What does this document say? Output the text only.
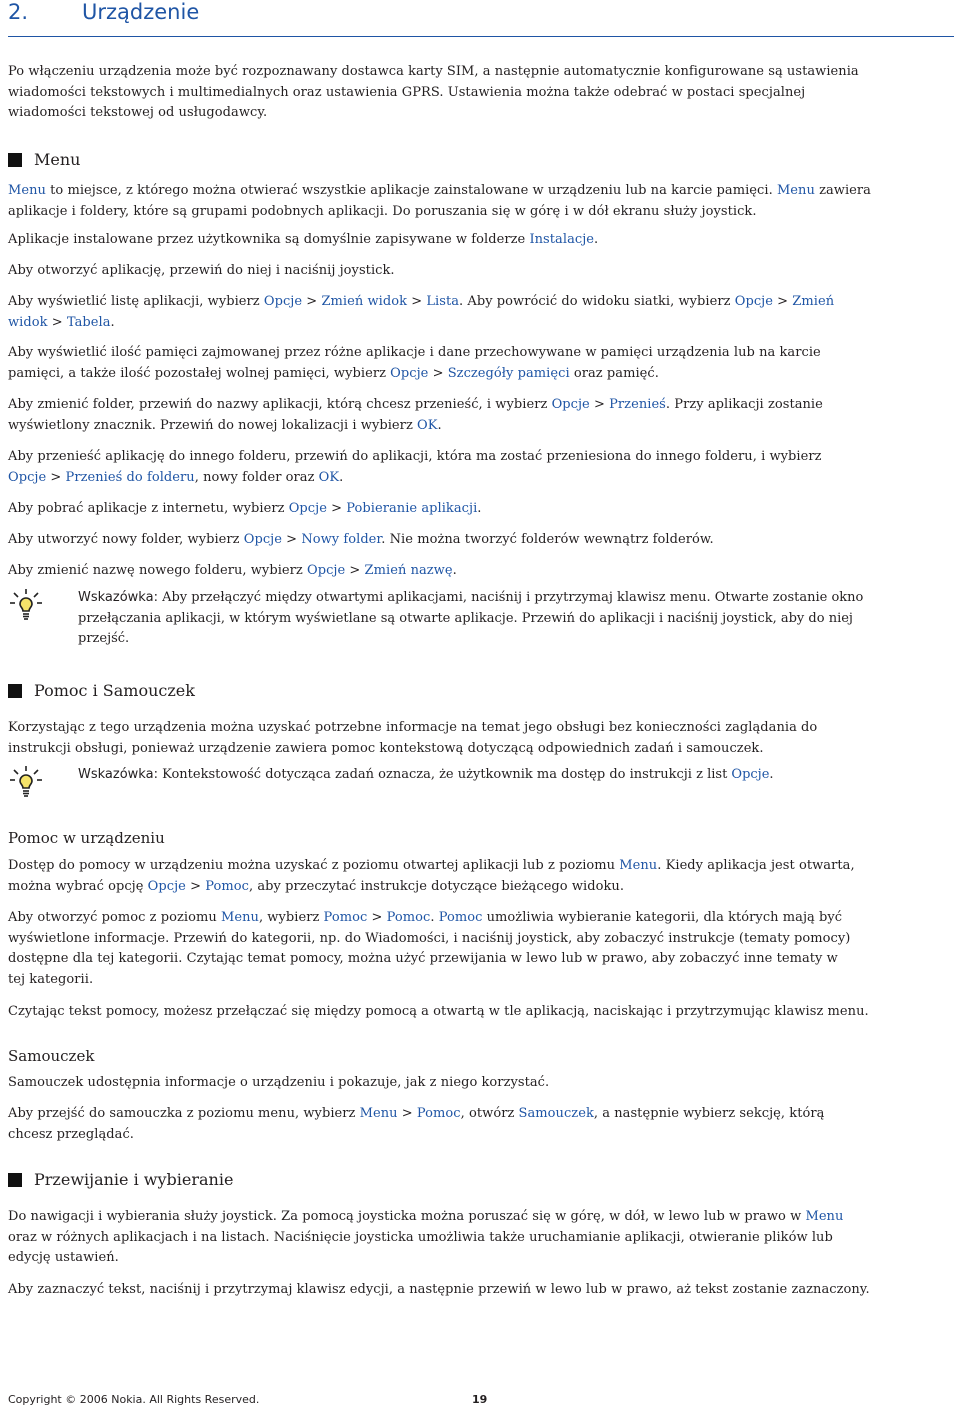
2.	Urządzenie
Po włączeniu urządzenia może być rozpoznawany dostawca karty SIM, a następnie automatycznie konfigurowane są ustawienia
wiadomości tekstowych i multimedialnych oraz ustawienia GPRS. Ustawienia można także odebrać w postaci specjalnej
wiadomości tekstowej od usługodawcy.
Menu
Menu to miejsce, z którego można otwierać wszystkie aplikacje zainstalowane w urządzeniu lub na karcie pamięci. Menu zawiera
aplikacje i foldery, które są grupami podobnych aplikacji. Do poruszania się w górę i w dół ekranu służy joystick.
Aplikacje instalowane przez użytkownika są domyślnie zapisywane w folderze Instalacje.
Aby otworzyć aplikację, przewiń do niej i naciśnij joystick.
Aby wyświetlić listę aplikacji, wybierz Opcje > Zmień widok > Lista. Aby powrócić do widoku siatki, wybierz Opcje > Zmień
widok > Tabela.
Aby wyświetlić ilość pamięci zajmowanej przez różne aplikacje i dane przechowywane w pamięci urządzenia lub na karcie
pamięci, a także ilość pozostałej wolnej pamięci, wybierz Opcje > Szczegóły pamięci oraz pamięć.
Aby zmienić folder, przewiń do nazwy aplikacji, którą chcesz przenieść, i wybierz Opcje > Przenieś. Przy aplikacji zostanie
wyświetlony znacznik. Przewiń do nowej lokalizacji i wybierz OK.
Aby przenieść aplikację do innego folderu, przewiń do aplikacji, która ma zostać przeniesiona do innego folderu, i wybierz
Opcje > Przenieś do folderu, nowy folder oraz OK.
Aby pobrać aplikacje z internetu, wybierz Opcje > Pobieranie aplikacji.
Aby utworzyć nowy folder, wybierz Opcje > Nowy folder. Nie można tworzyć folderów wewnątrz folderów.
Aby zmienić nazwę nowego folderu, wybierz Opcje > Zmień nazwę.
Wskazówka: Aby przełączyć między otwartymi aplikacjami, naciśnij i przytrzymaj klawisz menu. Otwarte zostanie okno
przełączania aplikacji, w którym wyświetlane są otwarte aplikacje. Przewiń do aplikacji i naciśnij joystick, aby do niej
przejść.
Pomoc i Samouczek
Korzystając z tego urządzenia można uzyskać potrzebne informacje na temat jego obsługi bez konieczności zaglądania do
instrukcji obsługi, ponieważ urządzenie zawiera pomoc kontekstową dotyczącą odpowiednich zadań i samouczek.
Wskazówka: Kontekstowość dotycząca zadań oznacza, że użytkownik ma dostęp do instrukcji z list Opcje.
Pomoc w urządzeniu
Dostęp do pomocy w urządzeniu można uzyskać z poziomu otwartej aplikacji lub z poziomu Menu. Kiedy aplikacja jest otwarta,
można wybrać opcję Opcje > Pomoc, aby przeczytać instrukcje dotyczące bieżącego widoku.
Aby otworzyć pomoc z poziomu Menu, wybierz Pomoc > Pomoc. Pomoc umożliwia wybieranie kategorii, dla których mają być
wyświetlone informacje. Przewiń do kategorii, np. do Wiadomości, i naciśnij joystick, aby zobaczyć instrukcje (tematy pomocy)
dostępne dla tej kategorii. Czytając temat pomocy, można użyć przewijania w lewo lub w prawo, aby zobaczyć inne tematy w
tej kategorii.
Czytając tekst pomocy, możesz przełączać się między pomocą a otwartą w tle aplikacją, naciskając i przytrzymując klawisz menu.
Samouczek
Samouczek udostępnia informacje o urządzeniu i pokazuje, jak z niego korzystać.
Aby przejść do samouczka z poziomu menu, wybierz Menu > Pomoc, otwórz Samouczek, a następnie wybierz sekcję, którą
chcesz przeglądać.
Przewijanie i wybieranie
Do nawigacji i wybierania służy joystick. Za pomocą joysticka można poruszać się w górę, w dół, w lewo lub w prawo w Menu
oraz w różnych aplikacjach i na listach. Naciśnięcie joysticka umożliwia także uruchamianie aplikacji, otwieranie plików lub
edycję ustawień.
Aby zaznaczyć tekst, naciśnij i przytrzymaj klawisz edycji, a następnie przewiń w lewo lub w prawo, aż tekst zostanie zaznaczony.
Copyright © 2006 Nokia. All Rights Reserved.	19
